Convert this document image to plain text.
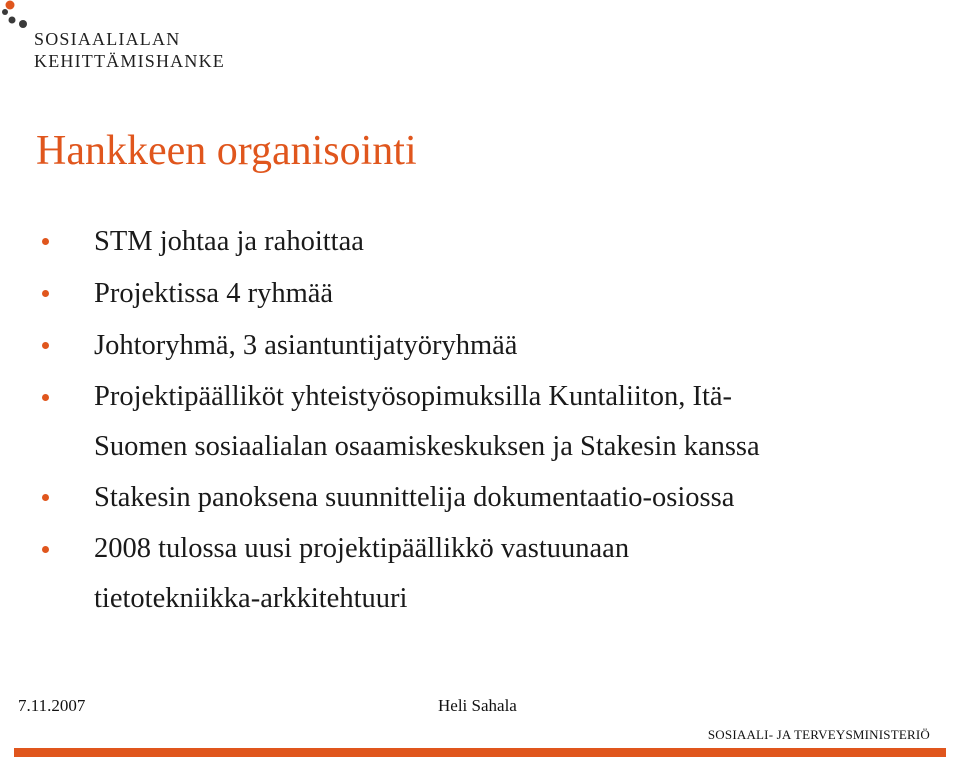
SOSIAALIALAN
KEHITTÄMISHANKE
Hankkeen organisointi
STM johtaa ja rahoittaa
Projektissa 4 ryhmää
Johtoryhmä, 3 asiantuntijatyöryhmää
Projektipäälliköt yhteistyösopimuksilla Kuntaliiton, Itä-
Suomen sosiaalialan osaamiskeskuksen ja Stakesin kanssa
Stakesin panoksena suunnittelija dokumentaatio-osiossa
2008 tulossa uusi projektipäällikkö vastuunaan
tietotekniikka-arkkitehtuuri
7.11.2007	Heli Sahala
SOSIAALI- JA TERVEYSMINISTERIÖ
